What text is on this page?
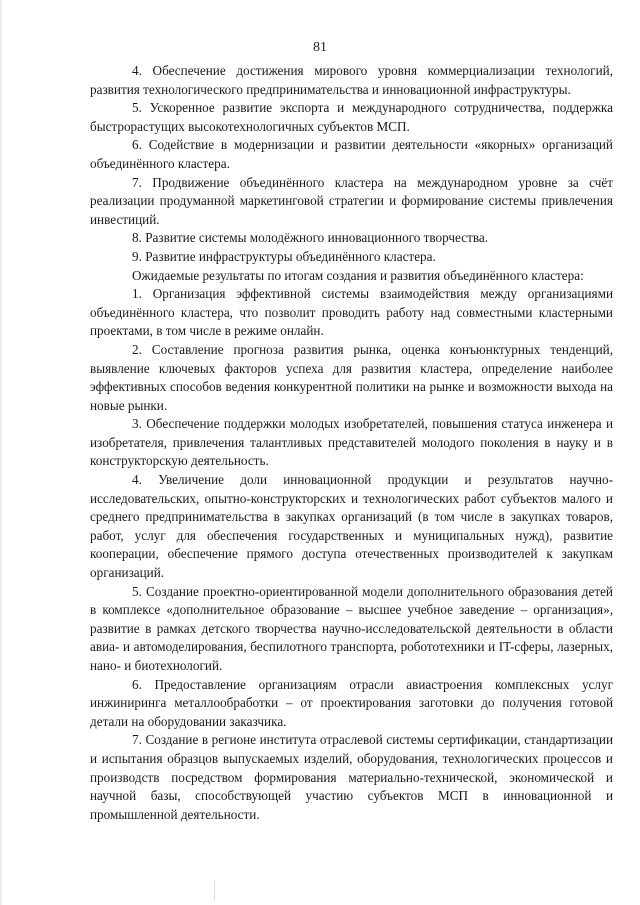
81

4. Обеспечение достижения мирового уровня коммерциализации технологий, развития технологического предпринимательства и инновационной инфраструктуры.

5. Ускоренное развитие экспорта и международного сотрудничества, поддержка быстрорастущих высокотехнологичных субъектов МСП.

6. Содействие в модернизации и развитии деятельности «якорных» организаций объединённого кластера.

7. Продвижение объединённого кластера на международном уровне за счёт реализации продуманной маркетинговой стратегии и формирование системы привлечения инвестиций.

8. Развитие системы молодёжного инновационного творчества.

9. Развитие инфраструктуры объединённого кластера.

Ожидаемые результаты по итогам создания и развития объединённого кластера:

1. Организация эффективной системы взаимодействия между организациями объединённого кластера, что позволит проводить работу над совместными кластерными проектами, в том числе в режиме онлайн.

2. Составление прогноза развития рынка, оценка конъюнктурных тенденций, выявление ключевых факторов успеха для развития кластера, определение наиболее эффективных способов ведения конкурентной политики на рынке и возможности выхода на новые рынки.

3. Обеспечение поддержки молодых изобретателей, повышения статуса инженера и изобретателя, привлечения талантливых представителей молодого поколения в науку и в конструкторскую деятельность.

4. Увеличение доли инновационной продукции и результатов научно-исследовательских, опытно-конструкторских и технологических работ субъектов малого и среднего предпринимательства в закупках организаций (в том числе в закупках товаров, работ, услуг для обеспечения государственных и муниципальных нужд), развитие кооперации, обеспечение прямого доступа отечественных производителей к закупкам организаций.

5. Создание проектно-ориентированной модели дополнительного образования детей в комплексе «дополнительное образование – высшее учебное заведение – организация», развитие в рамках детского творчества научно-исследовательской деятельности в области авиа- и автомоделирования, беспилотного транспорта, робототехники и IT-сферы, лазерных, нано- и биотехнологий.

6. Предоставление организациям отрасли авиастроения комплексных услуг инжиниринга металлообработки – от проектирования заготовки до получения готовой детали на оборудовании заказчика.

7. Создание в регионе института отраслевой системы сертификации, стандартизации и испытания образцов выпускаемых изделий, оборудования, технологических процессов и производств посредством формирования материально-технической, экономической и научной базы, способствующей участию субъектов МСП в инновационной и промышленной деятельности.
